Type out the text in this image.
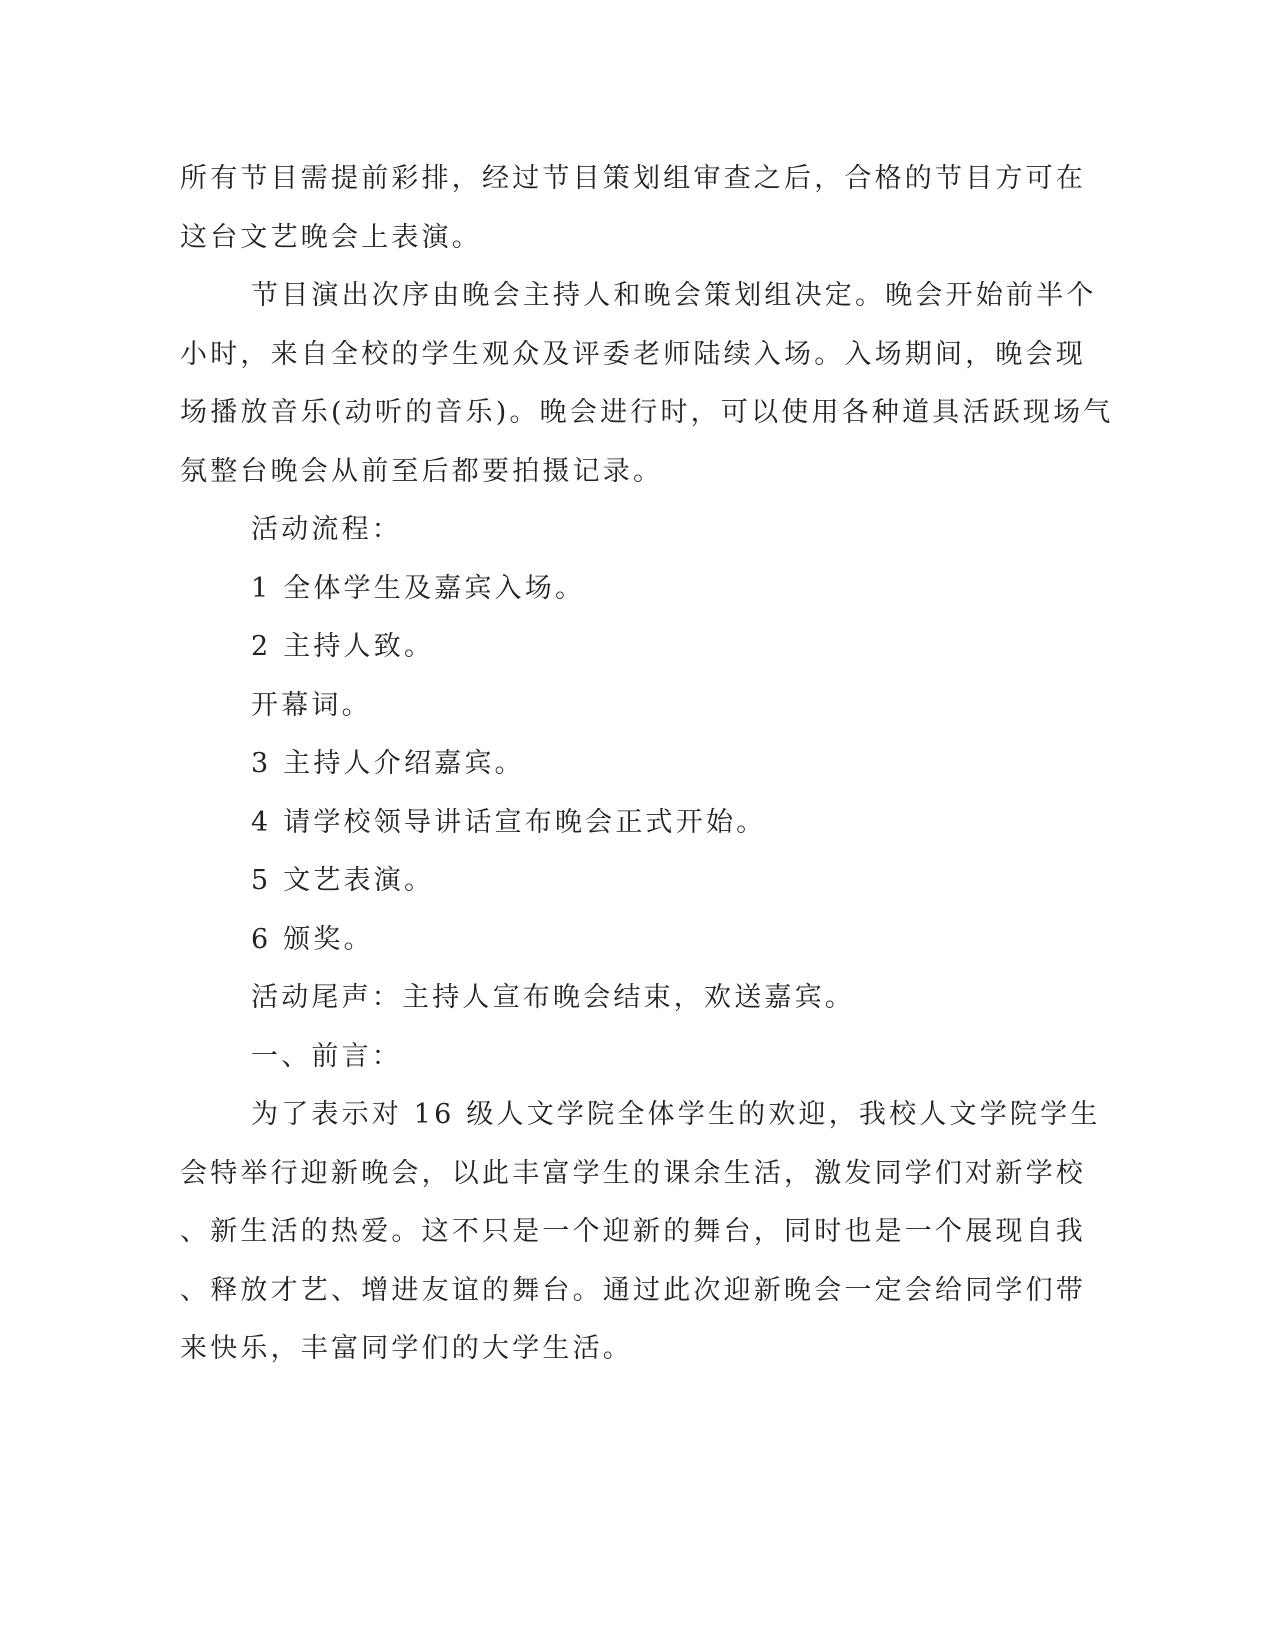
所有节目需提前彩排，经过节目策划组审查之后，合格的节目方可在
这台文艺晚会上表演。
节目演出次序由晚会主持人和晚会策划组决定。晚会开始前半个
小时，来自全校的学生观众及评委老师陆续入场。入场期间，晚会现
场播放音乐(动听的音乐)。晚会进行时，可以使用各种道具活跃现场气
氛整台晚会从前至后都要拍摄记录。
活动流程：
1 全体学生及嘉宾入场。
2 主持人致。
开幕词。
3 主持人介绍嘉宾。
4 请学校领导讲话宣布晚会正式开始。
5 文艺表演。
6 颁奖。
活动尾声：主持人宣布晚会结束，欢送嘉宾。
一、前言：
为了表示对 16 级人文学院全体学生的欢迎，我校人文学院学生
会特举行迎新晚会，以此丰富学生的课余生活，激发同学们对新学校
、新生活的热爱。这不只是一个迎新的舞台，同时也是一个展现自我
、释放才艺、增进友谊的舞台。通过此次迎新晚会一定会给同学们带
来快乐，丰富同学们的大学生活。
